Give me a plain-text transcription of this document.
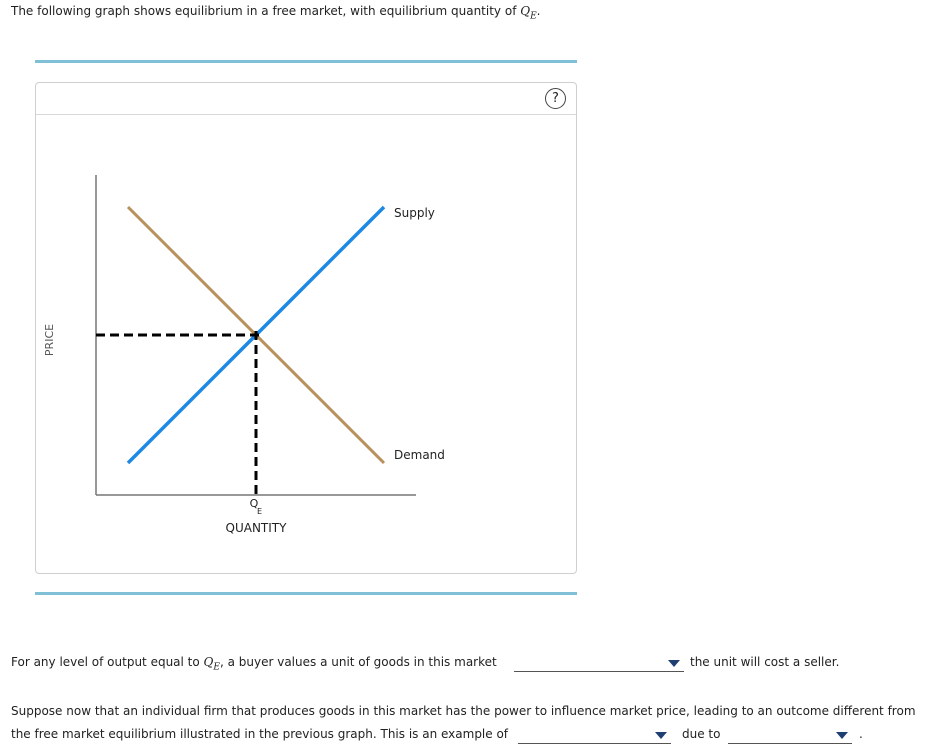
The following graph shows equilibrium in a free market, with equilibrium quantity of $Q_E$.
?
Supply
Demand
PRICE
QUANTITY
Q
E
For any level of output equal to $Q_E$, a buyer values a unit of goods in this market	the unit will cost a seller.
Suppose now that an individual firm that produces goods in this market has the power to influence market price, leading to an outcome different from
the free market equilibrium illustrated in the previous graph. This is an example of	due to	.
